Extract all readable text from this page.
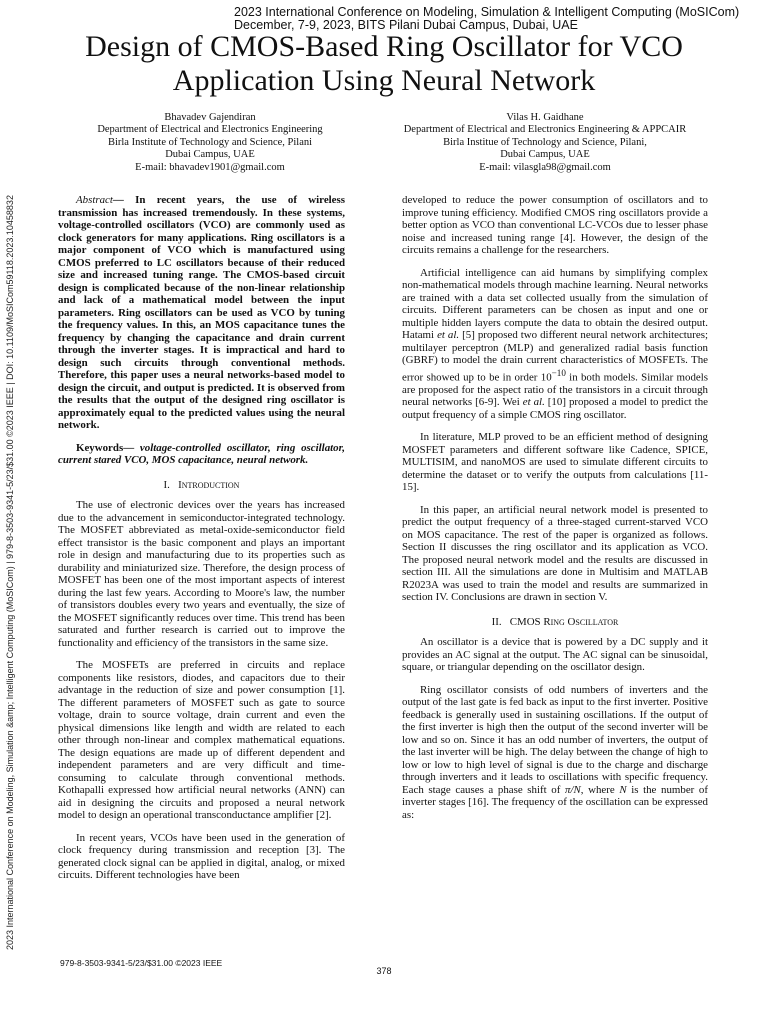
2023 International Conference on Modeling, Simulation & Intelligent Computing (MoSICom)
December, 7-9, 2023, BITS Pilani Dubai Campus, Dubai, UAE
Design of CMOS-Based Ring Oscillator for VCO Application Using Neural Network
Bhavadev Gajendiran
Department of Electrical and Electronics Engineering
Birla Institute of Technology and Science, Pilani
Dubai Campus, UAE
E-mail: bhavadev1901@gmail.com
Vilas H. Gaidhane
Department of Electrical and Electronics Engineering & APPCAIR
Birla Institue of Technology and Science, Pilani,
Dubai Campus, UAE
E-mail: vilasgla98@gmail.com
2023 International Conference on Modeling, Simulation &amp; Intelligent Computing (MoSICom) | 979-8-3503-9341-5/23/$31.00 ©2023 IEEE | DOI: 10.1109/MoSICom59118.2023.10458832	Abstract— In recent years, the use of wireless transmission has increased tremendously. In these systems, voltage-controlled oscillators (VCO) are commonly used as clock generators for many applications. Ring oscillators is a major component of VCO which is manufactured using CMOS preferred to LC oscillators because of their reduced size and increased tuning range. The CMOS-based circuit design is complicated because of the non-linear relationship and lack of a mathematical model between the input parameters. Ring oscillators can be used as VCO by tuning the frequency values. In this, an MOS capacitance tunes the frequency by changing the capacitance and drain current through the inverter stages. It is impractical and hard to design such circuits through conventional methods. Therefore, this paper uses a neural networks-based model to design the circuit, and output is predicted. It is observed from the results that the output of the designed ring oscillator is approximately equal to the predicted values using the neural network.

Keywords— voltage-controlled oscillator, ring oscillator, current stared VCO, MOS capacitance, neural network.

I. Introduction

The use of electronic devices over the years has increased due to the advancement in semiconductor-integrated technology. The MOSFET abbreviated as metal-oxide-semiconductor field effect transistor is the basic component and plays an important role in design and manufacturing due to its properties such as durability and miniaturized size. Therefore, the design process of MOSFET has been one of the most important aspects of interest during the last few years. According to Moore's law, the number of transistors doubles every two years and eventually, the size of the MOSFET significantly reduces over time. This trend has been saturated and further research is carried out to improve the functionality and efficiency of the transistors in the same size.

The MOSFETs are preferred in circuits and replace components like resistors, diodes, and capacitors due to their advantage in the reduction of size and power consumption [1]. The different parameters of MOSFET such as gate to source voltage, drain to source voltage, drain current and even the physical dimensions like length and width are related to each other through non-linear and complex mathematical equations. The design equations are made up of different dependent and independent parameters and are very difficult and time-consuming to calculate through conventional methods. Kothapalli expressed how artificial neural networks (ANN) can aid in designing the circuits and proposed a neural network model to design an operational transconductance amplifier [2].

In recent years, VCOs have been used in the generation of clock frequency during transmission and reception [3]. The generated clock signal can be applied in digital, analog, or mixed circuits. Different technologies have been

developed to reduce the power consumption of oscillators and to improve tuning efficiency. Modified CMOS ring oscillators provide a better option as VCO than conventional LC-VCOs due to lesser phase noise and increased tuning range [4]. However, the design of the circuits remains a challenge for the researchers.

Artificial intelligence can aid humans by simplifying complex non-mathematical models through machine learning. Neural networks are trained with a data set collected usually from the simulation of circuits. Different parameters can be chosen as input and one or multiple hidden layers compute the data to obtain the desired output. Hatami et al. [5] proposed two different neural network architectures; multilayer perceptron (MLP) and generalized radial basis function (GBRF) to model the drain current characteristics of MOSFETs. The error showed up to be in order $10^{-10}$ in both models. Similar models are proposed for the aspect ratio of the transistors in a circuit through neural networks [6-9]. Wei et al. [10] proposed a model to predict the output frequency of a simple CMOS ring oscillator.

In literature, MLP proved to be an efficient method of designing MOSFET parameters and different software like Cadence, SPICE, MULTISIM, and nanoMOS are used to simulate different circuits to determine the dataset or to verify the outputs from calculations [11-15].

In this paper, an artificial neural network model is presented to predict the output frequency of a three-staged current-starved VCO on MOS capacitance. The rest of the paper is organized as follows. Section II discusses the ring oscillator and its application as VCO. The proposed neural network model and the results are discussed in section III. All the simulations are done in Multisim and MATLAB R2023A was used to train the model and results are summarized in section IV. Conclusions are drawn in section V.

II. CMOS Ring Oscillator

An oscillator is a device that is powered by a DC supply and it provides an AC signal at the output. The AC signal can be sinusoidal, square, or triangular depending on the oscillator design.

Ring oscillator consists of odd numbers of inverters and the output of the last gate is fed back as input to the first inverter. Positive feedback is generally used in sustaining oscillations. If the output of the first inverter is high then the output of the second inverter will be low and so on. Since it has an odd number of inverters, the output of the last inverter will be high. The delay between the change of high to low or low to high level of signal is due to the charge and discharge through inverters and it leads to oscillations with specific frequency. Each stage causes a phase shift of π/N, where N is the number of inverter stages [16]. The frequency of the oscillation can be expressed as:

979-8-3503-9341-5/23/$31.00 ©2023 IEEE
378
